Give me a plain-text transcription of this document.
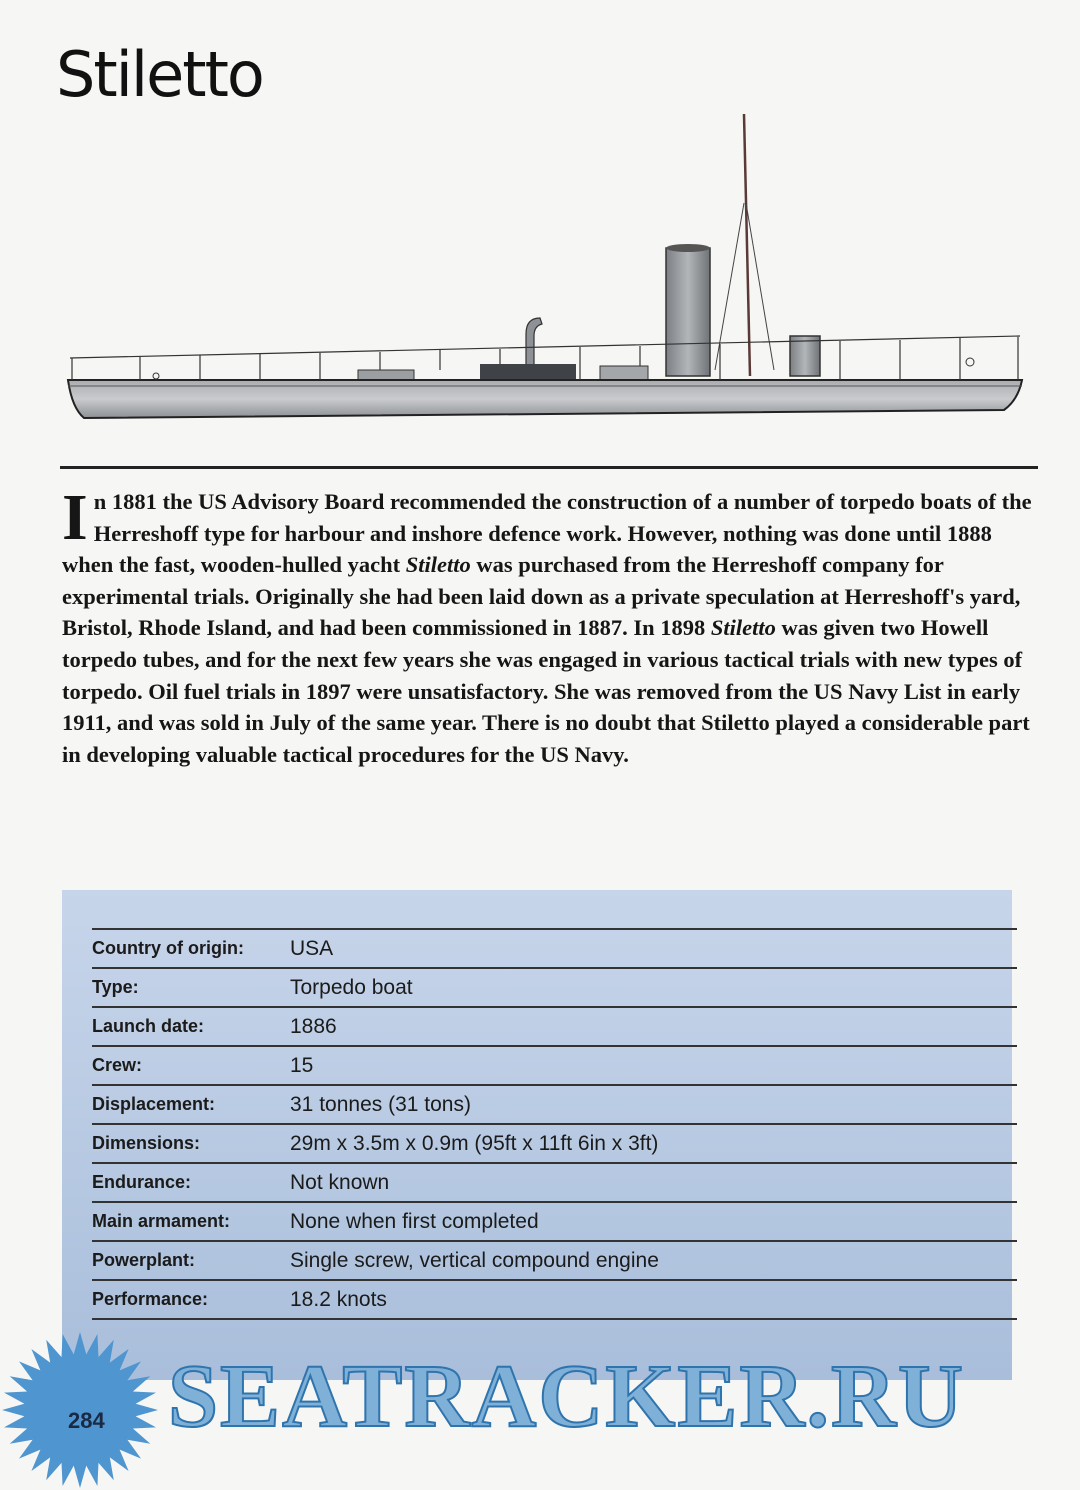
Stiletto

In 1881 the US Advisory Board recommended the construction of a number of torpedo boats of the Herreshoff type for harbour and inshore defence work. However, nothing was done until 1888 when the fast, wooden-hulled yacht Stiletto was purchased from the Herreshoff company for experimental trials. Originally she had been laid down as a private speculation at Herreshoff's yard, Bristol, Rhode Island, and had been commissioned in 1887. In 1898 Stiletto was given two Howell torpedo tubes, and for the next few years she was engaged in various tactical trials with new types of torpedo. Oil fuel trials in 1897 were unsatisfactory. She was removed from the US Navy List in early 1911, and was sold in July of the same year. There is no doubt that Stiletto played a considerable part in developing valuable tactical procedures for the US Navy.

Country of origin:	USA
Type:	Torpedo boat
Launch date:	1886
Crew:	15
Displacement:	31 tonnes (31 tons)
Dimensions:	29m x 3.5m x 0.9m (95ft x 11ft 6in x 3ft)
Endurance:	Not known
Main armament:	None when first completed
Powerplant:	Single screw, vertical compound engine
Performance:	18.2 knots
284 SEATRACKER.RU
